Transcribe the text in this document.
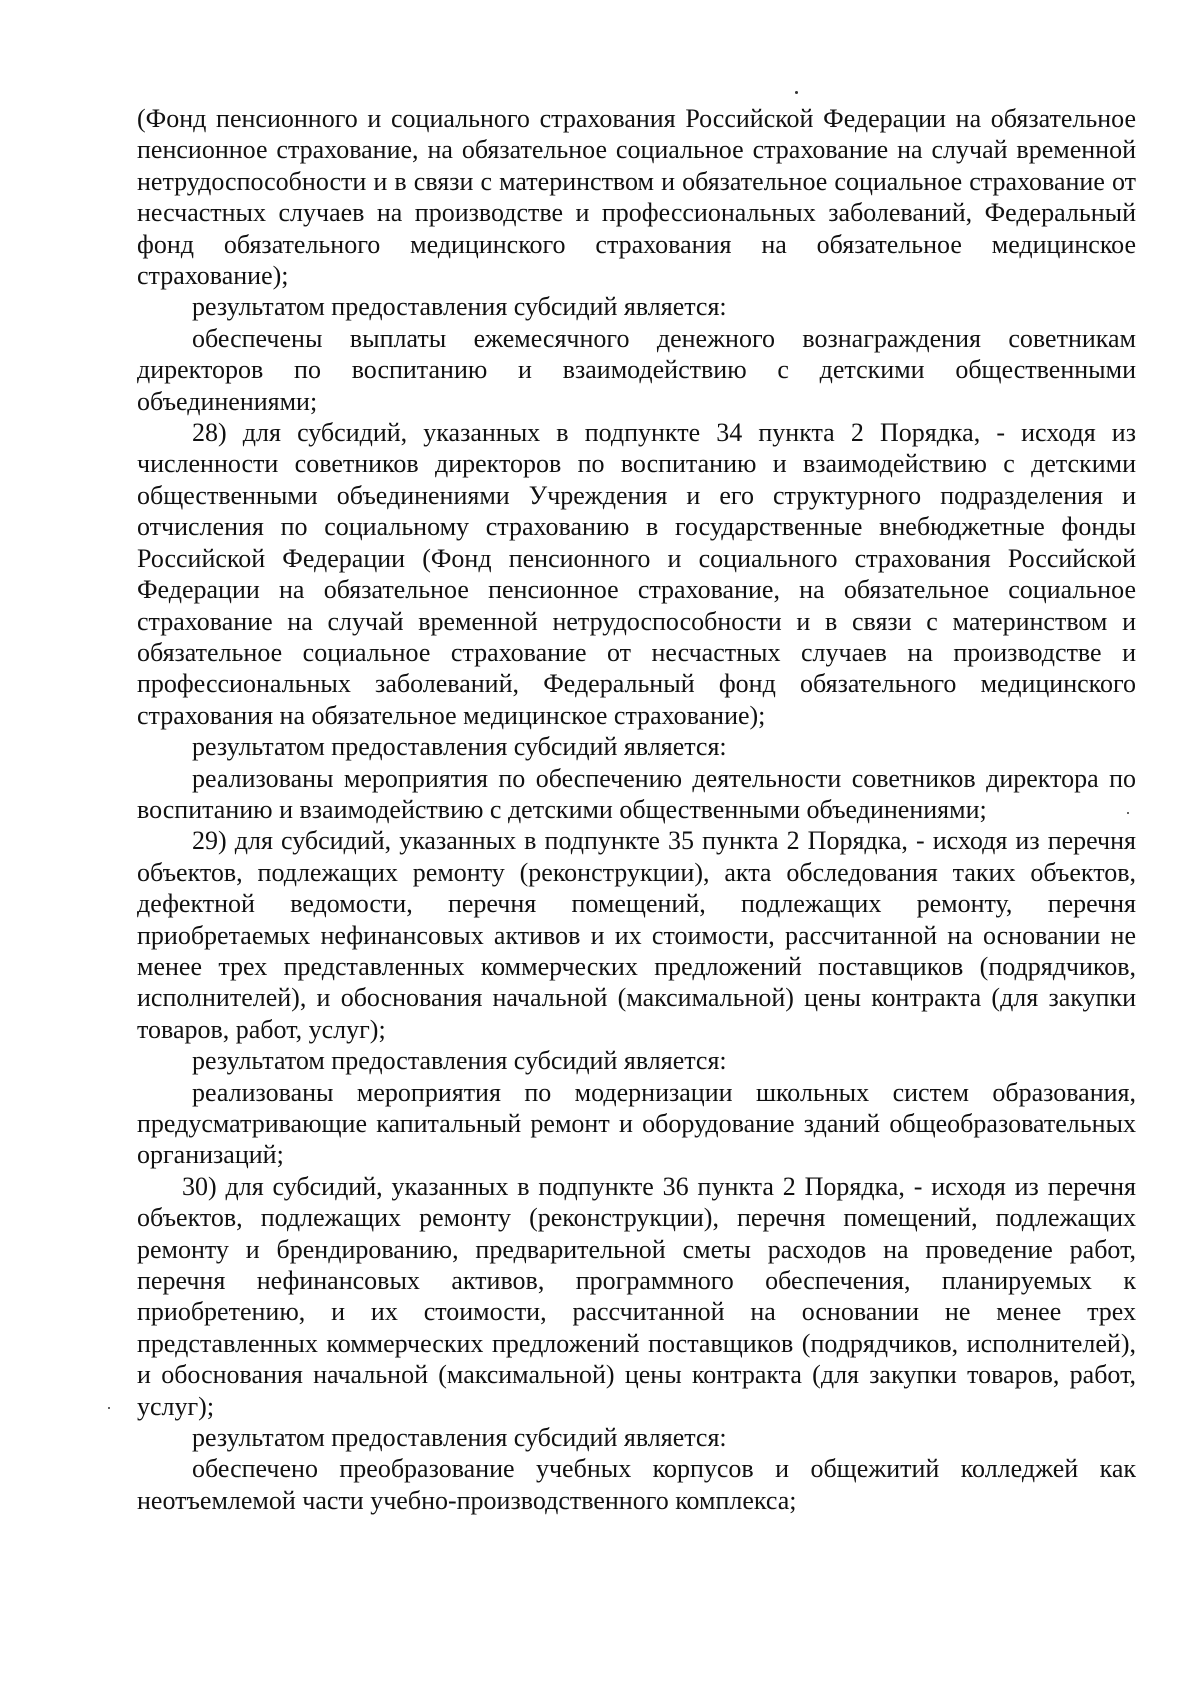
(Фонд пенсионного и социального страхования Российской Федерации на обязательное пенсионное страхование, на обязательное социальное страхование на случай временной нетрудоспособности и в связи с материнством и обязательное социальное страхование от несчастных случаев на производстве и профессиональных заболеваний, Федеральный фонд обязательного медицинского страхования на обязательное медицинское страхование);

результатом предоставления субсидий является:

обеспечены выплаты ежемесячного денежного вознаграждения советникам директоров по воспитанию и взаимодействию с детскими общественными объединениями;

28) для субсидий, указанных в подпункте 34 пункта 2 Порядка, - исходя из численности советников директоров по воспитанию и взаимодействию с детскими общественными объединениями Учреждения и его структурного подразделения и отчисления по социальному страхованию в государственные внебюджетные фонды Российской Федерации (Фонд пенсионного и социального страхования Российской Федерации на обязательное пенсионное страхование, на обязательное социальное страхование на случай временной нетрудоспособности и в связи с материнством и обязательное социальное страхование от несчастных случаев на производстве и профессиональных заболеваний, Федеральный фонд обязательного медицинского страхования на обязательное медицинское страхование);

результатом предоставления субсидий является:

реализованы мероприятия по обеспечению деятельности советников директора по воспитанию и взаимодействию с детскими общественными объединениями;

29) для субсидий, указанных в подпункте 35 пункта 2 Порядка, - исходя из перечня объектов, подлежащих ремонту (реконструкции), акта обследования таких объектов, дефектной ведомости, перечня помещений, подлежащих ремонту, перечня приобретаемых нефинансовых активов и их стоимости, рассчитанной на основании не менее трех представленных коммерческих предложений поставщиков (подрядчиков, исполнителей), и обоснования начальной (максимальной) цены контракта (для закупки товаров, работ, услуг);

результатом предоставления субсидий является:

реализованы мероприятия по модернизации школьных систем образования, предусматривающие капитальный ремонт и оборудование зданий общеобразовательных организаций;

30) для субсидий, указанных в подпункте 36 пункта 2 Порядка, - исходя из перечня объектов, подлежащих ремонту (реконструкции), перечня помещений, подлежащих ремонту и брендированию, предварительной сметы расходов на проведение работ, перечня нефинансовых активов, программного обеспечения, планируемых к приобретению, и их стоимости, рассчитанной на основании не менее трех представленных коммерческих предложений поставщиков (подрядчиков, исполнителей), и обоснования начальной (максимальной) цены контракта (для закупки товаров, работ, услуг);

результатом предоставления субсидий является:

обеспечено преобразование учебных корпусов и общежитий колледжей как неотъемлемой части учебно-производственного комплекса;
